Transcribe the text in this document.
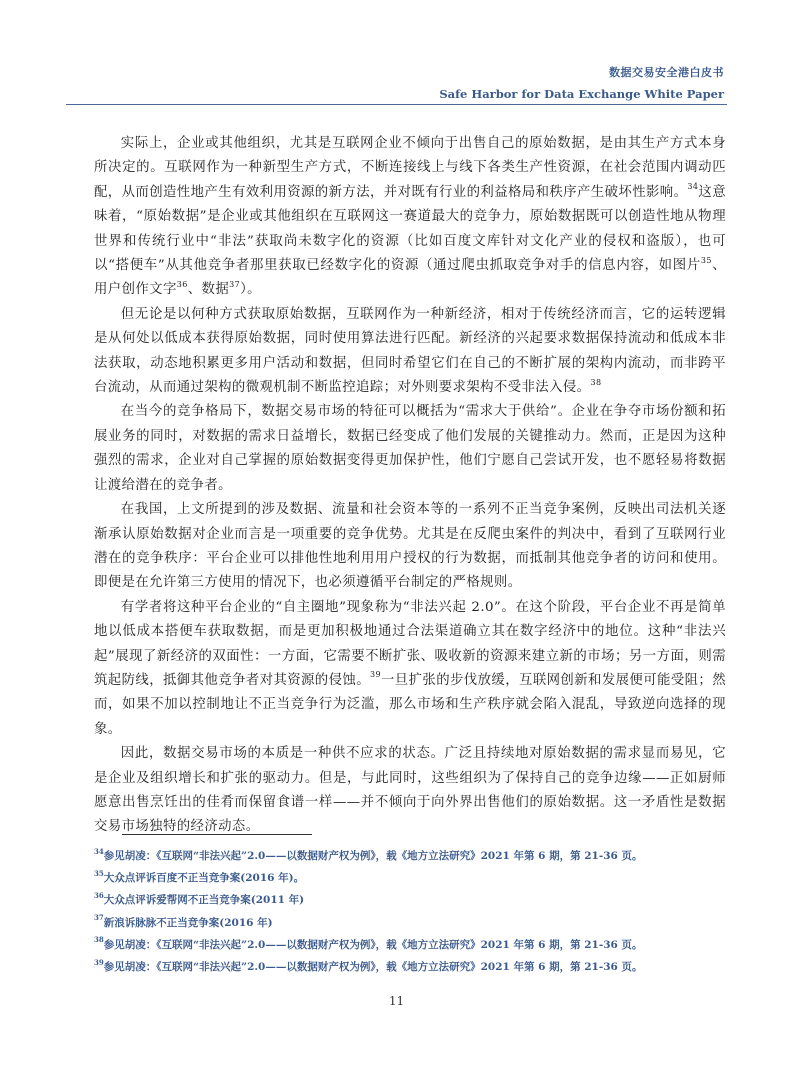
数据交易安全港白皮书
Safe Harbor for Data Exchange White Paper

实际上，企业或其他组织，尤其是互联网企业不倾向于出售自己的原始数据，是由其生产方式本身所决定的。互联网作为一种新型生产方式，不断连接线上与线下各类生产性资源，在社会范围内调动匹配，从而创造性地产生有效利用资源的新方法，并对既有行业的利益格局和秩序产生破坏性影响。$^{34}$这意味着，“原始数据”是企业或其他组织在互联网这一赛道最大的竞争力，原始数据既可以创造性地从物理世界和传统行业中“非法”获取尚未数字化的资源（比如百度文库针对文化产业的侵权和盗版），也可以“搭便车”从其他竞争者那里获取已经数字化的资源（通过爬虫抓取竞争对手的信息内容，如图片$^{35}$、用户创作文字$^{36}$、数据$^{37}$）。

但无论是以何种方式获取原始数据，互联网作为一种新经济，相对于传统经济而言，它的运转逻辑是从何处以低成本获得原始数据，同时使用算法进行匹配。新经济的兴起要求数据保持流动和低成本非法获取，动态地积累更多用户活动和数据，但同时希望它们在自己的不断扩展的架构内流动，而非跨平台流动，从而通过架构的微观机制不断监控追踪；对外则要求架构不受非法入侵。$^{38}$

在当今的竞争格局下，数据交易市场的特征可以概括为“需求大于供给”。企业在争夺市场份额和拓展业务的同时，对数据的需求日益增长，数据已经变成了他们发展的关键推动力。然而，正是因为这种强烈的需求，企业对自己掌握的原始数据变得更加保护性，他们宁愿自己尝试开发，也不愿轻易将数据让渡给潜在的竞争者。

在我国，上文所提到的涉及数据、流量和社会资本等的一系列不正当竞争案例，反映出司法机关逐渐承认原始数据对企业而言是一项重要的竞争优势。尤其是在反爬虫案件的判决中，看到了互联网行业潜在的竞争秩序：平台企业可以排他性地利用用户授权的行为数据，而抵制其他竞争者的访问和使用。即便是在允许第三方使用的情况下，也必须遵循平台制定的严格规则。

有学者将这种平台企业的“自主圈地”现象称为“非法兴起 2.0”。在这个阶段，平台企业不再是简单地以低成本搭便车获取数据，而是更加积极地通过合法渠道确立其在数字经济中的地位。这种“非法兴起”展现了新经济的双面性：一方面，它需要不断扩张、吸收新的资源来建立新的市场；另一方面，则需筑起防线，抵御其他竞争者对其资源的侵蚀。$^{39}$一旦扩张的步伐放缓，互联网创新和发展便可能受阻；然而，如果不加以控制地让不正当竞争行为泛滥，那么市场和生产秩序就会陷入混乱，导致逆向选择的现象。

因此，数据交易市场的本质是一种供不应求的状态。广泛且持续地对原始数据的需求显而易见，它是企业及组织增长和扩张的驱动力。但是，与此同时，这些组织为了保持自己的竞争边缘——正如厨师愿意出售烹饪出的佳肴而保留食谱一样——并不倾向于向外界出售他们的原始数据。这一矛盾性是数据交易市场独特的经济动态。

$^{34}$参见胡凌：《互联网“非法兴起”2.0——以数据财产权为例》，载《地方立法研究》2021 年第 6 期，第 21-36 页。
$^{35}$大众点评诉百度不正当竞争案(2016 年)。
$^{36}$大众点评诉爱帮网不正当竞争案(2011 年)
$^{37}$新浪诉脉脉不正当竞争案(2016 年)
$^{38}$参见胡凌：《互联网“非法兴起”2.0——以数据财产权为例》，载《地方立法研究》2021 年第 6 期，第 21-36 页。
$^{39}$参见胡凌：《互联网“非法兴起”2.0——以数据财产权为例》，载《地方立法研究》2021 年第 6 期，第 21-36 页。
11
